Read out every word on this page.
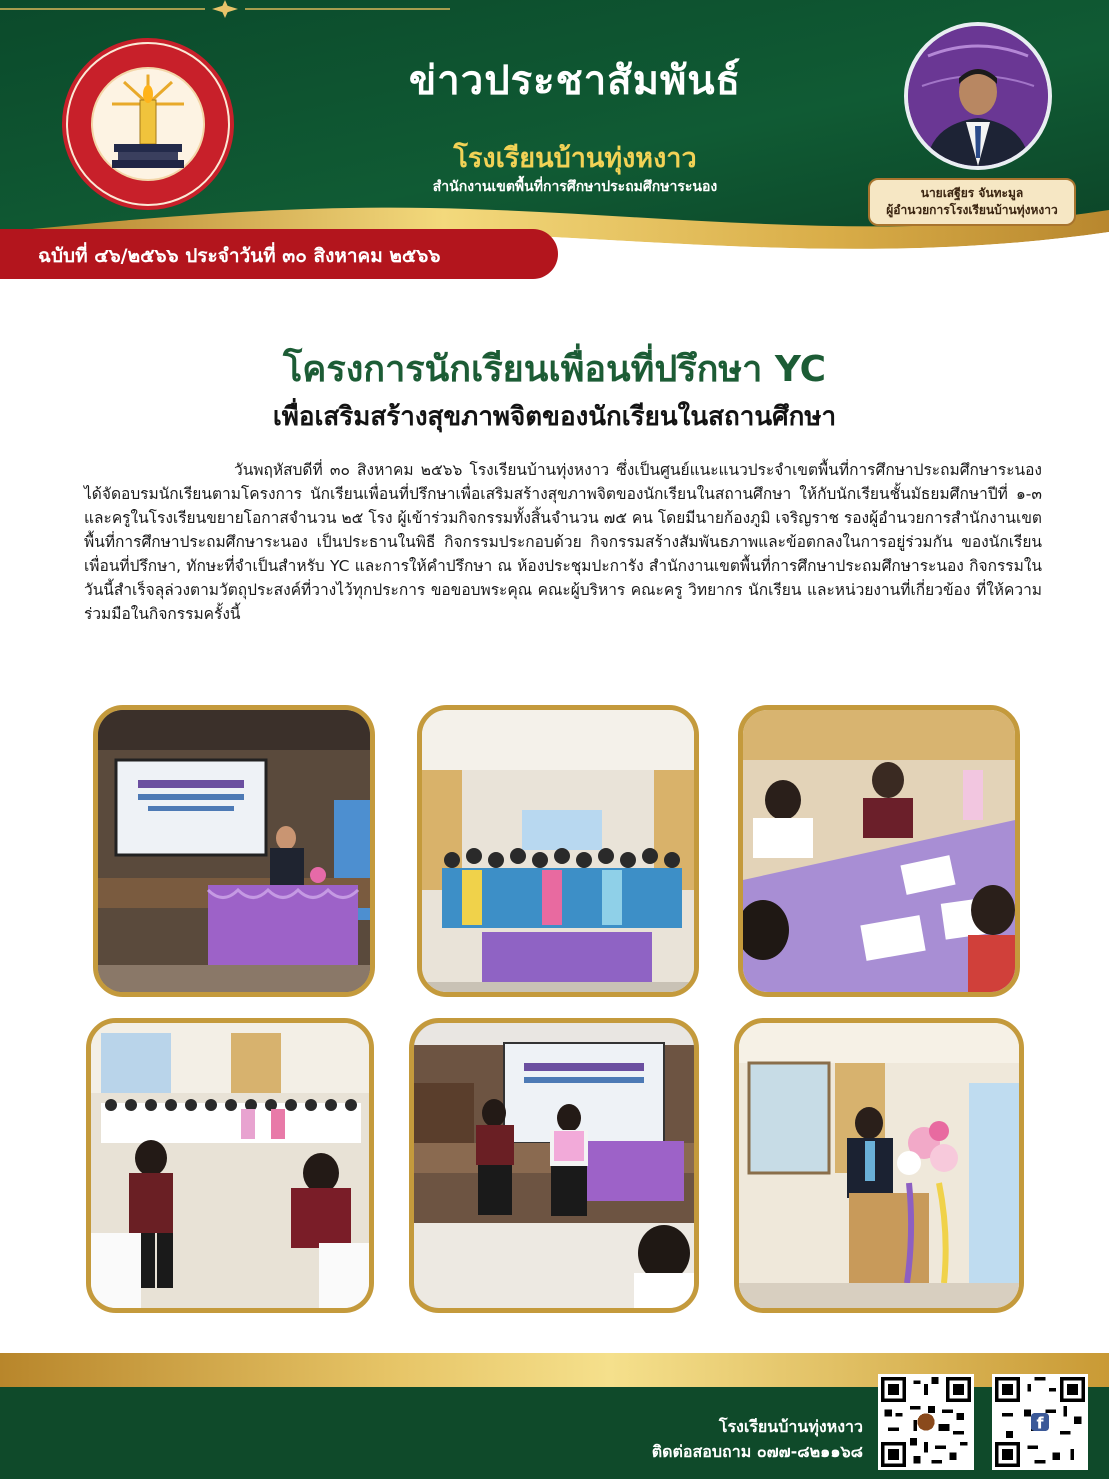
ข่าวประชาสัมพันธ์
โรงเรียนบ้านทุ่งหงาว
สำนักงานเขตพื้นที่การศึกษาประถมศึกษาระนอง	นายเสฐียร จันทะมูล
ผู้อำนวยการโรงเรียนบ้านทุ่งหงาว
ฉบับที่ ๔๖/๒๕๖๖ ประจำวันที่ ๓๐ สิงหาคม ๒๕๖๖
โครงการนักเรียนเพื่อนที่ปรึกษา YC
เพื่อเสริมสร้างสุขภาพจิตของนักเรียนในสถานศึกษา

วันพฤหัสบดีที่ ๓๐ สิงหาคม ๒๕๖๖ โรงเรียนบ้านทุ่งหงาว ซึ่งเป็นศูนย์แนะแนวประจำเขตพื้นที่การศึกษาประถมศึกษาระนอง ได้จัดอบรมนักเรียนตามโครงการ นักเรียนเพื่อนที่ปรึกษาเพื่อเสริมสร้างสุขภาพจิตของนักเรียนในสถานศึกษา ให้กับนักเรียนชั้นมัธยมศึกษาปีที่ ๑-๓ และครูในโรงเรียนขยายโอกาสจำนวน ๒๕ โรง ผู้เข้าร่วมกิจกรรมทั้งสิ้นจำนวน ๗๕ คน โดยมีนายก้องภูมิ เจริญราช รองผู้อำนวยการสำนักงานเขตพื้นที่การศึกษาประถมศึกษาระนอง เป็นประธานในพิธี กิจกรรมประกอบด้วย กิจกรรมสร้างสัมพันธภาพและข้อตกลงในการอยู่ร่วมกัน ของนักเรียนเพื่อนที่ปรึกษา, ทักษะที่จำเป็นสำหรับ YC และการให้คำปรึกษา ณ ห้องประชุมปะการัง สำนักงานเขตพื้นที่การศึกษาประถมศึกษาระนอง กิจกรรมในวันนี้สำเร็จลุล่วงตามวัตถุประสงค์ที่วางไว้ทุกประการ ขอขอบพระคุณ คณะผู้บริหาร คณะครู วิทยากร นักเรียน และหน่วยงานที่เกี่ยวข้อง ที่ให้ความร่วมมือในกิจกรรมครั้งนี้

โรงเรียนบ้านทุ่งหงาว
ติดต่อสอบถาม ๐๗๗-๘๒๑๑๖๘
f
